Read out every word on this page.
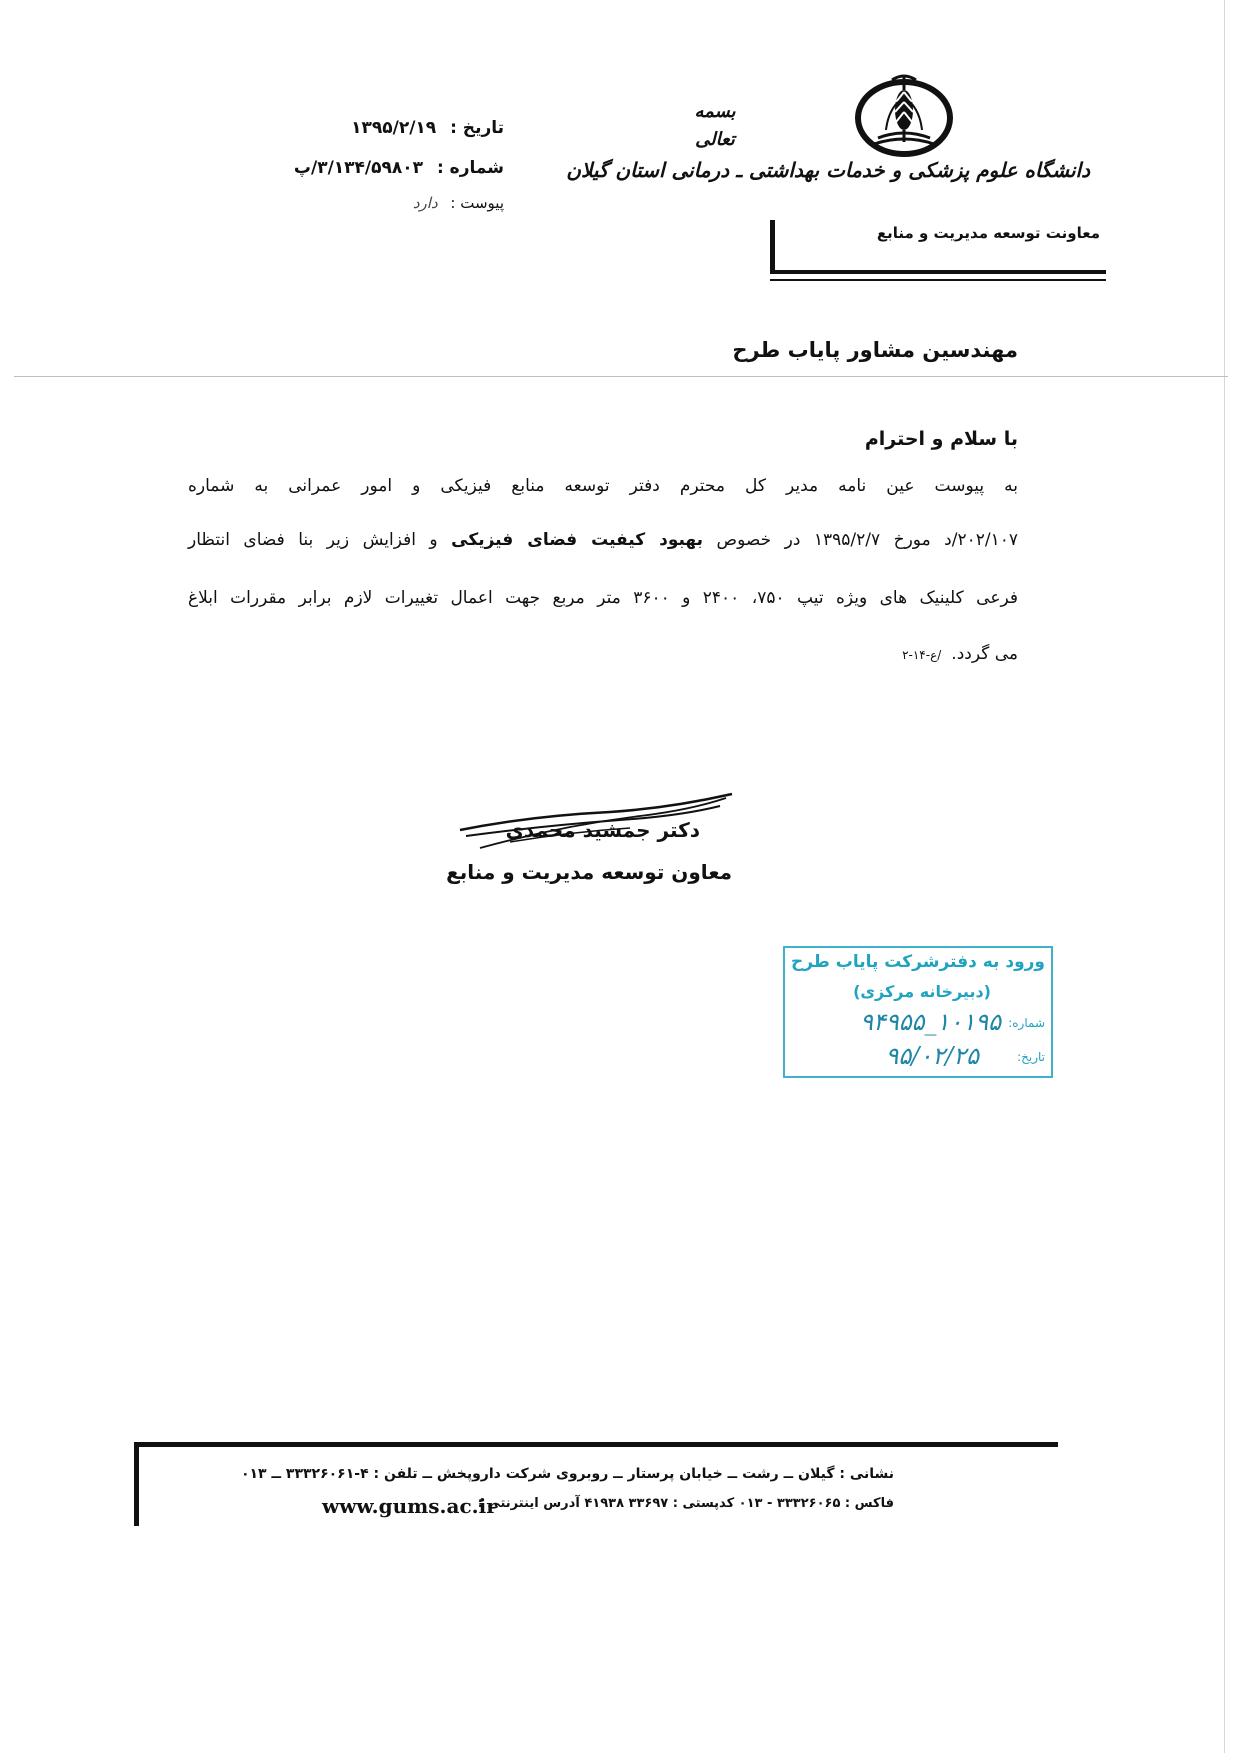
بسمه تعالی
دانشگاه علوم پزشکی و خدمات بهداشتی ـ درمانی استان گیلان
معاونت توسعه مدیریت و منابع
تاریخ : ۱۳۹۵/۲/۱۹
شماره : ۳/۱۳۴/۵۹۸۰۳/پ
پیوست : دارد
مهندسین مشاور پایاب طرح
با سلام و احترام
به پیوست عین نامه مدیر کل محترم دفتر توسعه منابع فیزیکی و امور عمرانی به شماره
۲۰۲/۱۰۷/د مورخ ۱۳۹۵/۲/۷ در خصوص بهبود کیفیت فضای فیزیکی و افزایش زیر بنا فضای انتظار
فرعی کلینیک های ویژه تیپ ۷۵۰، ۲۴۰۰ و ۳۶۰۰ متر مربع جهت اعمال تغییرات لازم برابر مقررات ابلاغ
می گردد./ع-۱۴-۲
دکتر جمشید محمدی
معاون توسعه مدیریت و منابع
ورود به دفترشرکت پایاب طرح
(دبیرخانه مرکزی)
شماره:
۱۰۱۹۵_۹۴۹۵۵
تاریخ:
۹۵/۰۲/۲۵
نشانی : گیلان ــ رشت ــ خیابان پرستار ــ روبروی شرکت داروپخش ــ تلفن : ۴-۳۳۳۲۶۰۶۱ ــ ۰۱۳
فاکس : ۳۳۳۲۶۰۶۵ - ۰۱۳ کدپستی : ۳۳۶۹۷ ۴۱۹۳۸ آدرس اینترنتی :
www.gums.ac.ir
